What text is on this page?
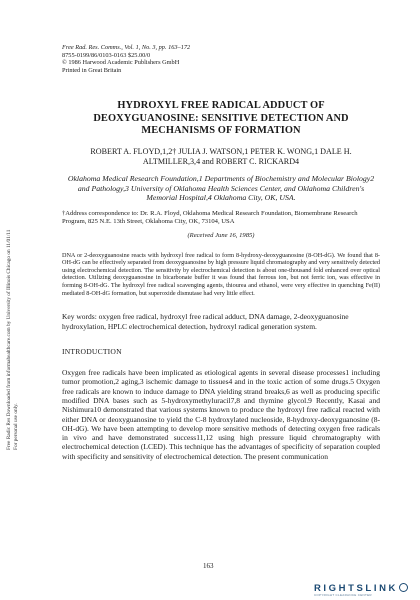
Free Radic Res Downloaded from informahealthcare.com by University of Illinois Chicago on 11/01/11 For personal use only.
Free Rad. Res. Comms., Vol. 1, No. 3, pp. 163–172
8755-0199/86/0103-0163 $25.00/0
© 1986 Harwood Academic Publishers GmbH
Printed in Great Britain
HYDROXYL FREE RADICAL ADDUCT OF
DEOXYGUANOSINE: SENSITIVE DETECTION AND
MECHANISMS OF FORMATION
ROBERT A. FLOYD,1,2† JULIA J. WATSON,1 PETER K. WONG,1 DALE H.
ALTMILLER,3,4 and ROBERT C. RICKARD4
Oklahoma Medical Research Foundation,1 Departments of Biochemistry and Molecular Biology2 and Pathology,3 University of Oklahoma Health Sciences Center, and Oklahoma Children's Memorial Hospital,4 Oklahoma City, OK, USA.
†Address correspondence to: Dr. R.A. Floyd, Oklahoma Medical Research Foundation, Biomembrane Research Program, 825 N.E. 13th Street, Oklahoma City, OK, 73104, USA
(Received June 16, 1985)
DNA or 2-deoxyguanosine reacts with hydroxyl free radical to form 8-hydroxy-deoxyguanosine (8-OH-dG). We found that 8-OH-dG can be effectively separated from deoxyguanosine by high pressure liquid chromatography and very sensitively detected using electrochemical detection. The sensitivity by electrochemical detection is about one-thousand fold enhanced over optical detection. Utilizing deoxyguanosine in bicarbonate buffer it was found that ferrous ion, but not ferric ion, was effective in forming 8-OH-dG. The hydroxyl free radical scavenging agents, thiourea and ethanol, were very effective in quenching Fe(II) mediated 8-OH-dG formation, but superoxide dismutase had very little effect.
Key words: oxygen free radical, hydroxyl free radical adduct, DNA damage, 2-deoxyguanosine hydroxylation, HPLC electrochemical detection, hydroxyl radical generation system.
INTRODUCTION
Oxygen free radicals have been implicated as etiological agents in several disease processes1 including tumor promotion,2 aging,3 ischemic damage to tissues4 and in the toxic action of some drugs.5 Oxygen free radicals are known to induce damage to DNA yielding strand breaks,6 as well as producing specific modified DNA bases such as 5-hydroxymethyluracil7,8 and thymine glycol.9 Recently, Kasai and Nishimura10 demonstrated that various systems known to produce the hydroxyl free radical reacted with either DNA or deoxyguanosine to yield the C-8 hydroxylated nucleoside, 8-hydroxy-deoxyguanosine (8-OH-dG). We have been attempting to develop more sensitive methods of detecting oxygen free radicals in vivo and have demonstrated success11,12 using high pressure liquid chromatography with electrochemical detection (LCED). This technique has the advantages of specificity of separation coupled with specificity and sensitivity of electrochemical detection. The present communication
163
RIGHTSLINK
COPYRIGHT CLEARANCE CENTER
